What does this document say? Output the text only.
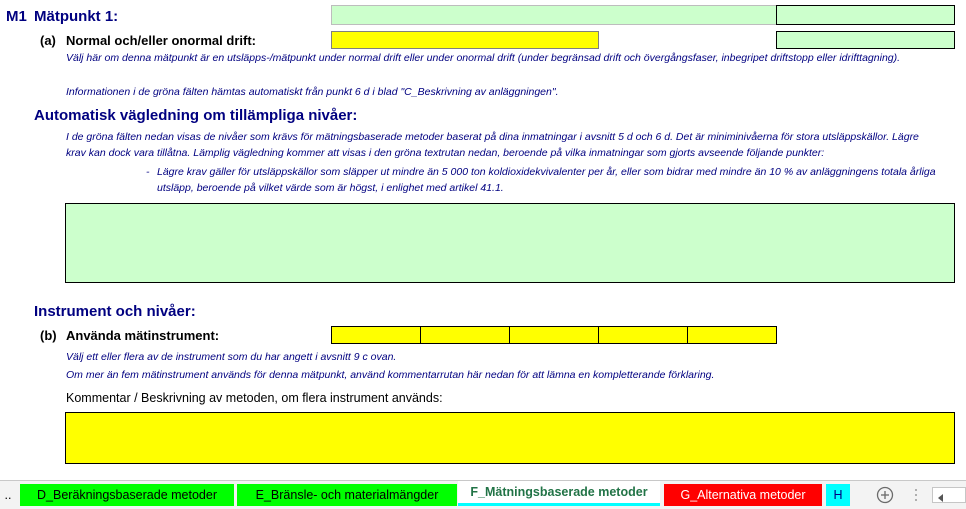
M1 Mätpunkt 1:
(a) Normal och/eller onormal drift:
Välj här om denna mätpunkt är en utsläpps-/mätpunkt under normal drift eller under onormal drift (under begränsad drift och övergångsfaser, inbegripet driftstopp eller idrifttagning).
Informationen i de gröna fälten hämtas automatiskt från punkt 6 d i blad "C_Beskrivning av anläggningen".
Automatisk vägledning om tillämpliga nivåer:
I de gröna fälten nedan visas de nivåer som krävs för mätningsbaserade metoder baserat på dina inmatningar i avsnitt 5 d och 6 d. Det är miniminivåerna för stora utsläppskällor. Lägre krav kan dock vara tillåtna. Lämplig vägledning kommer att visas i den gröna textrutan nedan, beroende på vilka inmatningar som gjorts avseende följande punkter:
- Lägre krav gäller för utsläppskällor som släpper ut mindre än 5 000 ton koldioxidekvivalenter per år, eller som bidrar med mindre än 10 % av anläggningens totala årliga utsläpp, beroende på vilket värde som är högst, i enlighet med artikel 41.1.
Instrument och nivåer:
(b) Använda mätinstrument:
Välj ett eller flera av de instrument som du har angett i avsnitt 9 c ovan.
Om mer än fem mätinstrument används för denna mätpunkt, använd kommentarrutan här nedan för att lämna en kompletterande förklaring.
Kommentar / Beskrivning av metoden, om flera instrument används:
..	D_Beräkningsbaserade metoder	E_Bränsle- och materialmängder	F_Mätningsbaserade metoder	G_Alternativa metoder	H
